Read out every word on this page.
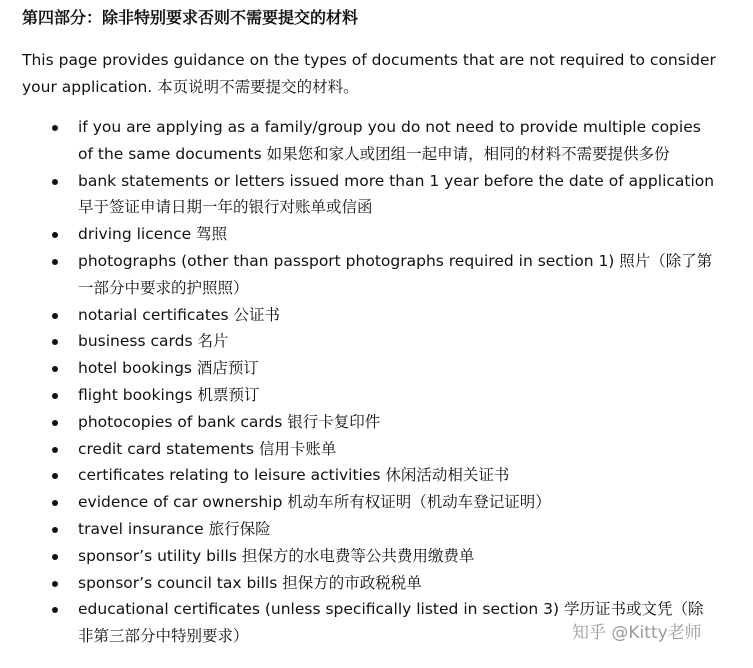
第四部分：除非特别要求否则不需要提交的材料
This page provides guidance on the types of documents that are not required to consider your application. 本页说明不需要提交的材料。
if you are applying as a family/group you do not need to provide multiple copies of the same documents 如果您和家人或团组一起申请，相同的材料不需要提供多份
bank statements or letters issued more than 1 year before the date of application 早于签证申请日期一年的银行对账单或信函
driving licence 驾照
photographs (other than passport photographs required in section 1) 照片（除了第一部分中要求的护照照）
notarial certificates 公证书
business cards 名片
hotel bookings 酒店预订
flight bookings 机票预订
photocopies of bank cards 银行卡复印件
credit card statements 信用卡账单
certificates relating to leisure activities 休闲活动相关证书
evidence of car ownership 机动车所有权证明（机动车登记证明）
travel insurance 旅行保险
sponsor’s utility bills 担保方的水电费等公共费用缴费单
sponsor’s council tax bills 担保方的市政税税单
educational certificates (unless specifically listed in section 3) 学历证书或文凭（除非第三部分中特别要求）	知乎 @Kitty老师
